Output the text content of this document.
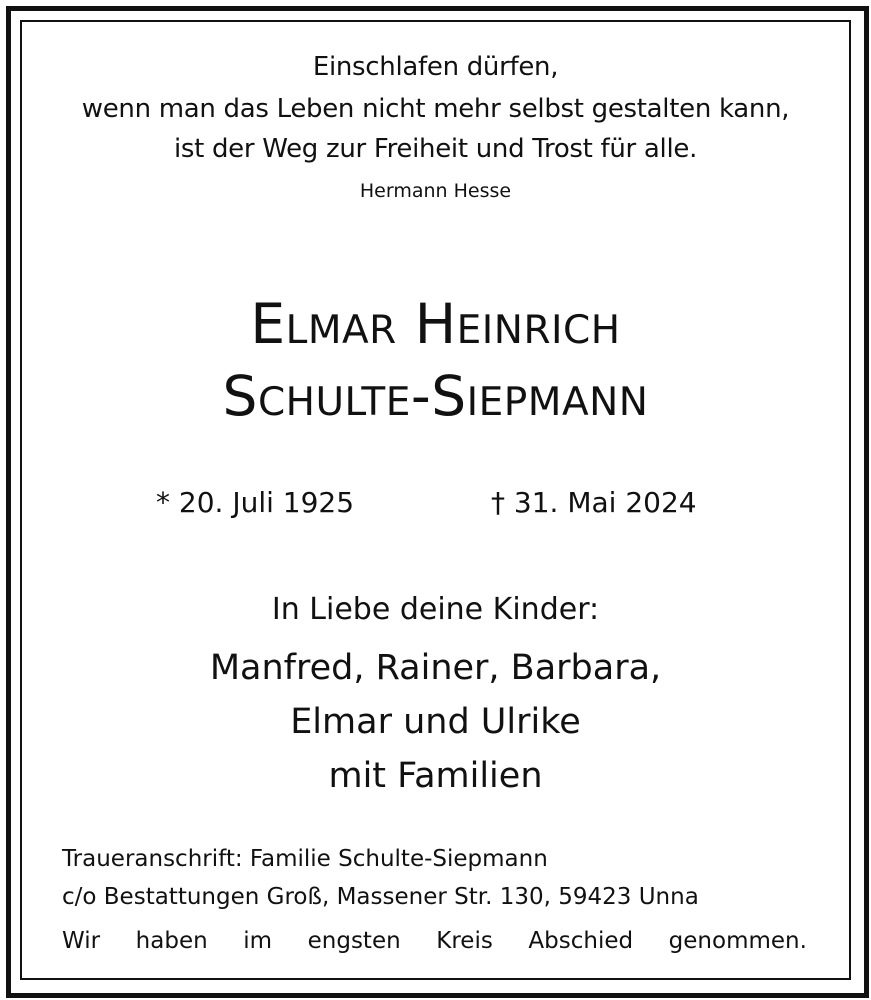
Einschlafen dürfen,
wenn man das Leben nicht mehr selbst gestalten kann,
ist der Weg zur Freiheit und Trost für alle.
Hermann Hesse
Elmar Heinrich
Schulte-Siepmann
* 20. Juli 1925	† 31. Mai 2024
In Liebe deine Kinder:
Manfred, Rainer, Barbara,
Elmar und Ulrike
mit Familien
Traueranschrift: Familie Schulte-Siepmann
c/o Bestattungen Groß, Massener Str. 130, 59423 Unna
Wir haben im engsten Kreis Abschied genommen.
